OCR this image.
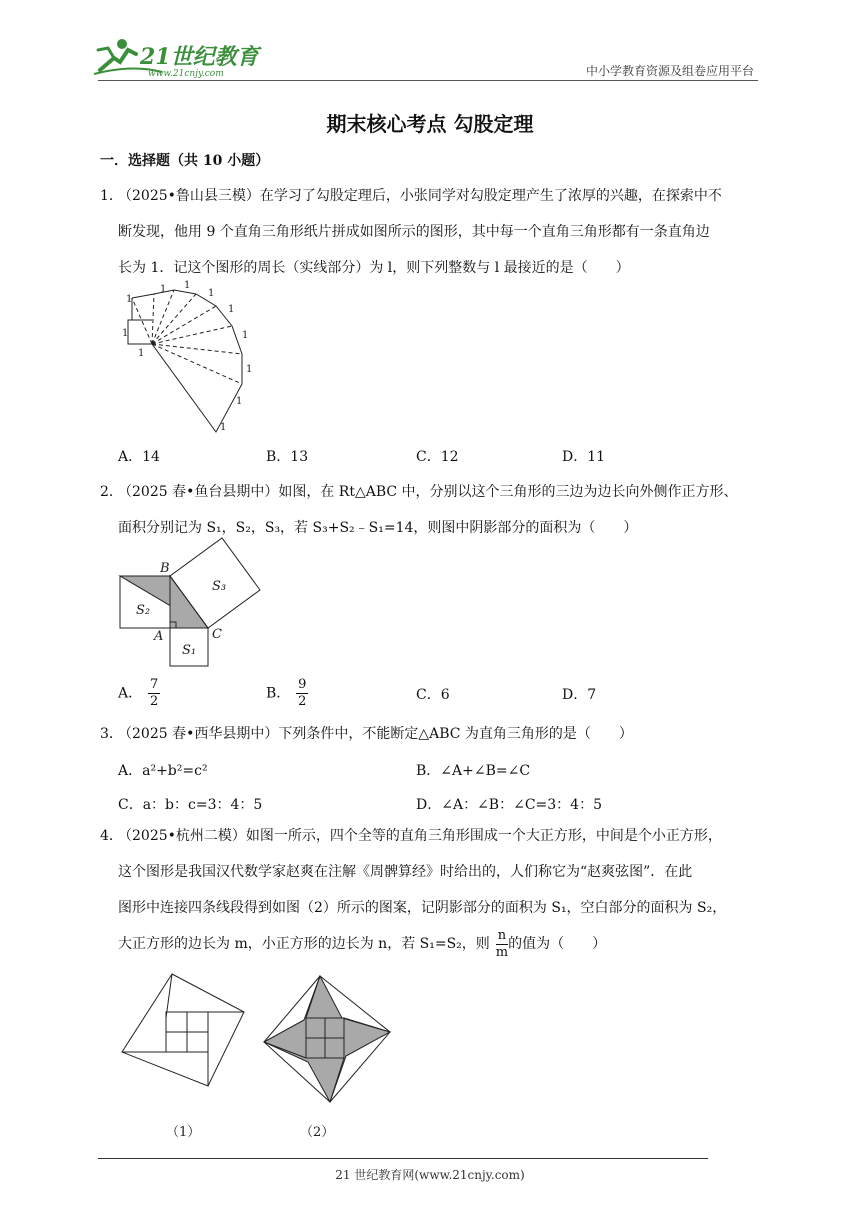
21世纪教育
www.21cnjy.com	中小学教育资源及组卷应用平台
期末核心考点 勾股定理
一．选择题（共 10 小题）
1．（2025•鲁山县三模）在学习了勾股定理后，小张同学对勾股定理产生了浓厚的兴趣，在探索中不
断发现，他用 9 个直角三角形纸片拼成如图所示的图形，其中每一个直角三角形都有一条直角边
长为 1．记这个图形的周长（实线部分）为 l，则下列整数与 l 最接近的是（　　）
1
1
1
1 1
1
1
1
1
1
1
A．14	B．13	C．12	D．11
2．（2025 春•鱼台县期中）如图，在 Rt△ABC 中，分别以这个三角形的三边为边长向外侧作正方形、
面积分别记为 S₁，S₂，S₃，若 S₃+S₂﹣S₁=14，则图中阴影部分的面积为（　　）
B
A	C
S₁
S₂
S₃
A． $\frac{7}{2}$	B． $\frac{9}{2}$	C．6	D．7
3．（2025 春•西华县期中）下列条件中，不能断定△ABC 为直角三角形的是（　　）
A．a²+b²=c²	B．∠A+∠B=∠C
C．a：b：c=3：4：5	D．∠A：∠B：∠C=3：4：5
4．（2025•杭州二模）如图一所示，四个全等的直角三角形围成一个大正方形，中间是个小正方形，
这个图形是我国汉代数学家赵爽在注解《周髀算经》时给出的，人们称它为“赵爽弦图”．在此
图形中连接四条线段得到如图（2）所示的图案，记阴影部分的面积为 S₁，空白部分的面积为 S₂，
大正方形的边长为 m，小正方形的边长为 n，若 S₁=S₂，则 $\frac{n}{m}$ 的值为（　　）
（1）	（2）
21 世纪教育网(www.21cnjy.com)
